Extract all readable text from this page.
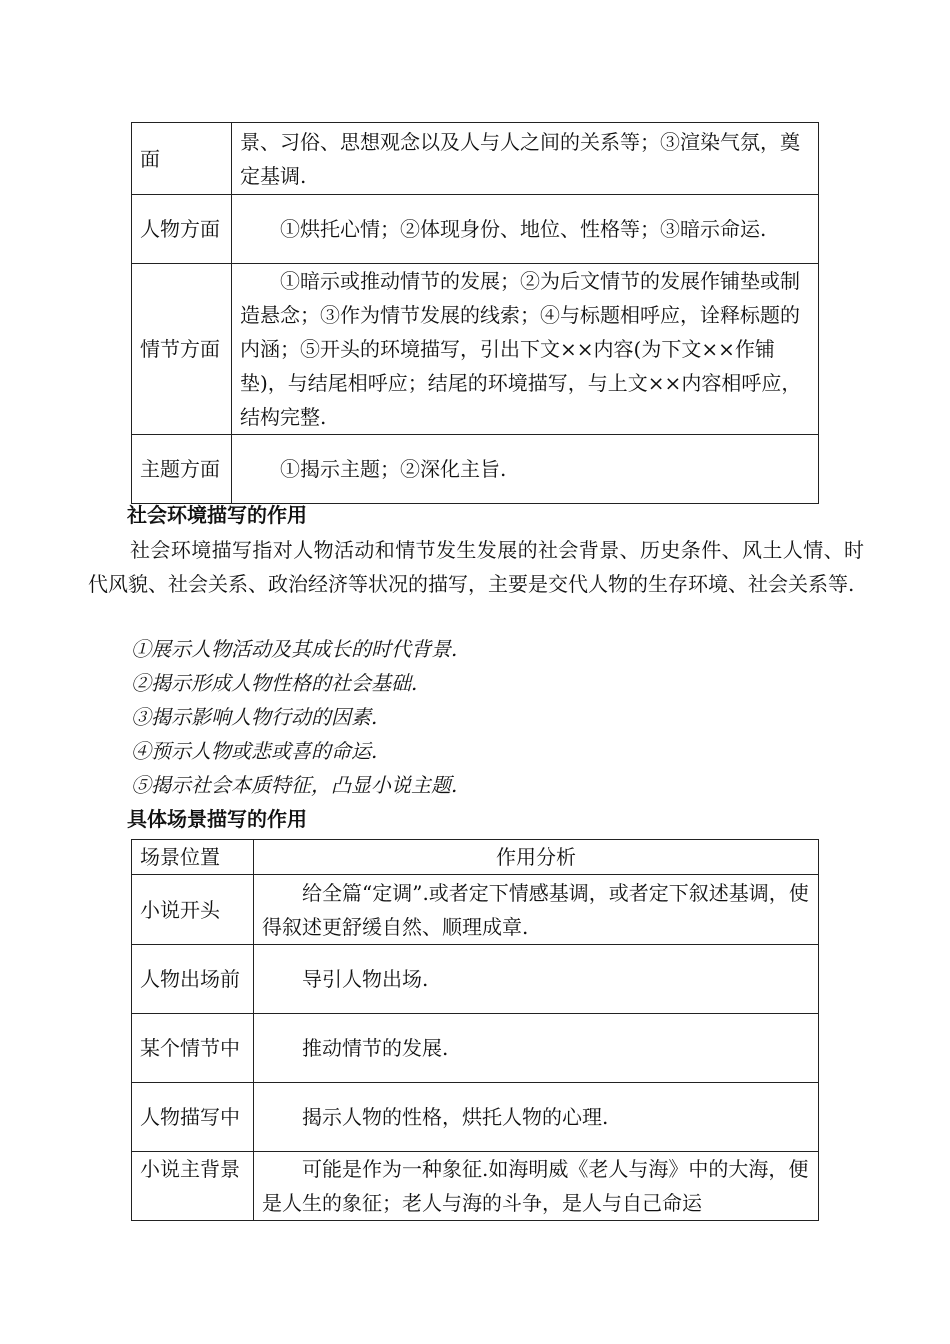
面	景、习俗、思想观念以及人与人之间的关系等；③渲染气氛，奠定基调.
人物方面	①烘托心情；②体现身份、地位、性格等；③暗示命运.
情节方面	①暗示或推动情节的发展；②为后文情节的发展作铺垫或制造悬念；③作为情节发展的线索；④与标题相呼应，诠释标题的内涵；⑤开头的环境描写，引出下文××内容(为下文××作铺垫)，与结尾相呼应；结尾的环境描写，与上文××内容相呼应，结构完整.
主题方面	①揭示主题；②深化主旨.
社会环境描写的作用
社会环境描写指对人物活动和情节发生发展的社会背景、历史条件、风土人情、时代风貌、社会关系、政治经济等状况的描写，主要是交代人物的生存环境、社会关系等.
①展示人物活动及其成长的时代背景.
②揭示形成人物性格的社会基础.
③揭示影响人物行动的因素.
④预示人物或悲或喜的命运.
⑤揭示社会本质特征，凸显小说主题.
具体场景描写的作用
场景位置	作用分析
小说开头	给全篇“定调”.或者定下情感基调，或者定下叙述基调，使得叙述更舒缓自然、顺理成章.
人物出场前	导引人物出场.
某个情节中	推动情节的发展.
人物描写中	揭示人物的性格，烘托人物的心理.
小说主背景	可能是作为一种象征.如海明威《老人与海》中的大海，便是人生的象征；老人与海的斗争，是人与自己命运
